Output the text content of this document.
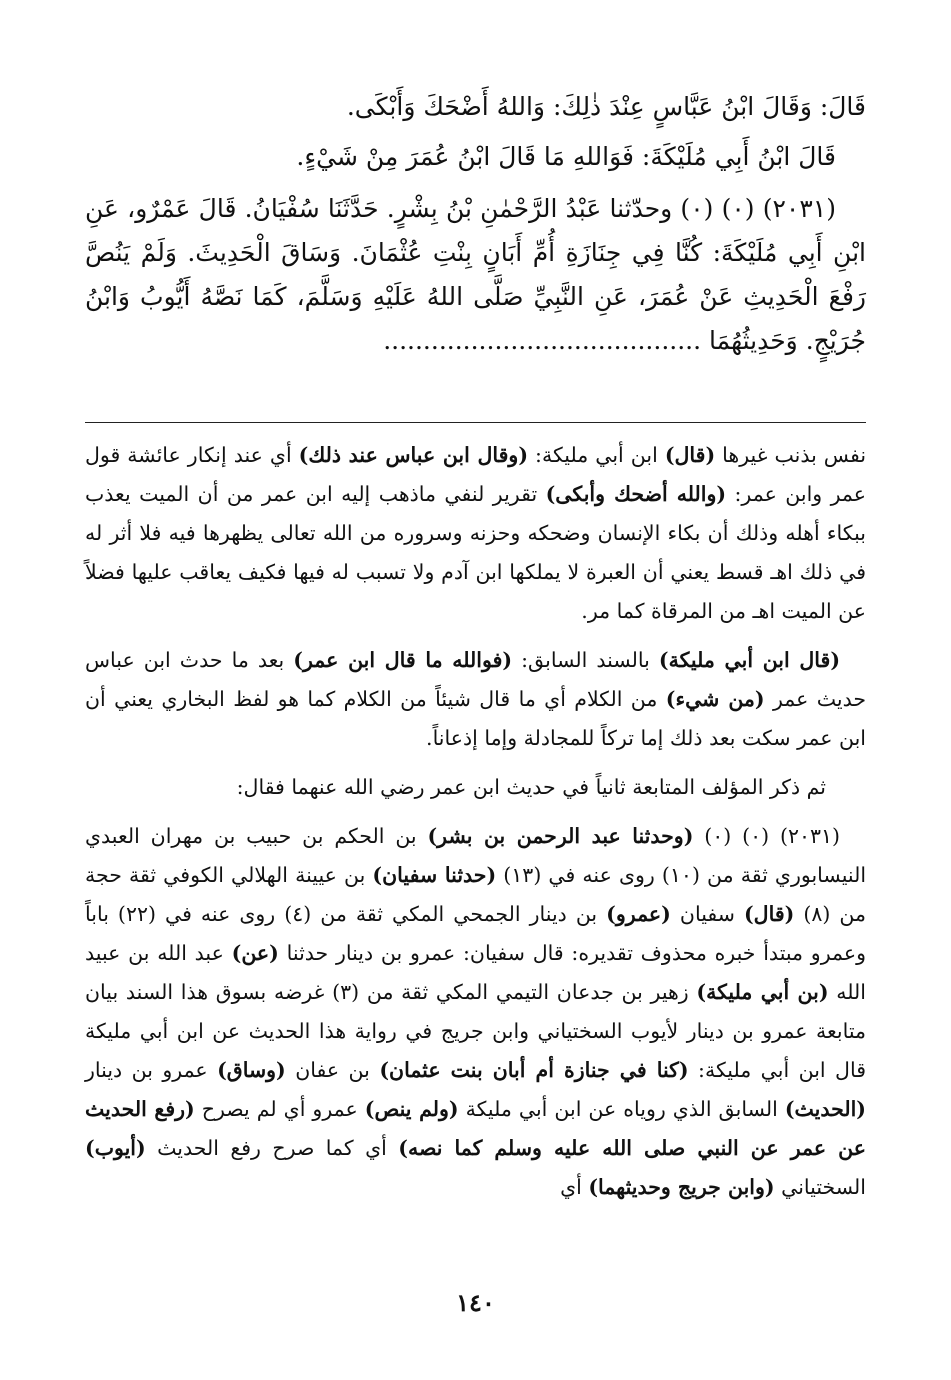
قَالَ: وَقَالَ ابْنُ عَبَّاسٍ عِنْدَ ذٰلِكَ: وَاللهُ أَضْحَكَ وَأَبْكَى.

قَالَ ابْنُ أَبِي مُلَيْكَةَ: فَوَاللهِ مَا قَالَ ابْنُ عُمَرَ مِنْ شَيْءٍ.

(٢٠٣١) (٠) (٠) وحدّثنا عَبْدُ الرَّحْمٰنِ بْنُ بِشْرٍ. حَدَّثَنَا سُفْيَانُ. قَالَ عَمْرٌو، عَنِ ابْنِ أَبِي مُلَيْكَةَ: كُنَّا فِي جِنَازَةِ أُمِّ أَبَانٍ بِنْتِ عُثْمَانَ. وَسَاقَ الْحَدِيثَ. وَلَمْ يَنُصَّ رَفْعَ الْحَدِيثِ عَنْ عُمَرَ، عَنِ النَّبِيِّ صَلَّى اللهُ عَلَيْهِ وَسَلَّمَ، كَمَا نَصَّهُ أَيُّوبُ وَابْنُ جُرَيْجٍ. وَحَدِيثُهُمَا ........................................

نفس بذنب غيرها (قال) ابن أبي مليكة: (وقال ابن عباس عند ذلك) أي عند إنكار عائشة قول عمر وابن عمر: (والله أضحك وأبكى) تقرير لنفي ماذهب إليه ابن عمر من أن الميت يعذب ببكاء أهله وذلك أن بكاء الإنسان وضحكه وحزنه وسروره من الله تعالى يظهرها فيه فلا أثر له في ذلك اهـ قسط يعني أن العبرة لا يملكها ابن آدم ولا تسبب له فيها فكيف يعاقب عليها فضلاً عن الميت اهـ من المرقاة كما مر.

(قال ابن أبي مليكة) بالسند السابق: (فوالله ما قال ابن عمر) بعد ما حدث ابن عباس حديث عمر (من شيء) من الكلام أي ما قال شيئاً من الكلام كما هو لفظ البخاري يعني أن ابن عمر سكت بعد ذلك إما تركاً للمجادلة وإما إذعاناً.

ثم ذكر المؤلف المتابعة ثانياً في حديث ابن عمر رضي الله عنهما فقال:

(٢٠٣١) (٠) (٠) (وحدثنا عبد الرحمن بن بشر) بن الحكم بن حبيب بن مهران العبدي النيسابوري ثقة من (١٠) روى عنه في (١٣) (حدثنا سفيان) بن عيينة الهلالي الكوفي ثقة حجة من (٨) (قال) سفيان (عمرو) بن دينار الجمحي المكي ثقة من (٤) روى عنه في (٢٢) باباً وعمرو مبتدأ خبره محذوف تقديره: قال سفيان: عمرو بن دينار حدثنا (عن) عبد الله بن عبيد الله (بن أبي مليكة) زهير بن جدعان التيمي المكي ثقة من (٣) غرضه بسوق هذا السند بيان متابعة عمرو بن دينار لأيوب السختياني وابن جريج في رواية هذا الحديث عن ابن أبي مليكة قال ابن أبي مليكة: (كنا في جنازة أم أبان بنت عثمان) بن عفان (وساق) عمرو بن دينار (الحديث) السابق الذي روياه عن ابن أبي مليكة (ولم ينص) عمرو أي لم يصرح (رفع الحديث عن عمر عن النبي صلى الله عليه وسلم كما نصه) أي كما صرح رفع الحديث (أيوب) السختياني (وابن جريج وحديثهما) أي

١٤٠
